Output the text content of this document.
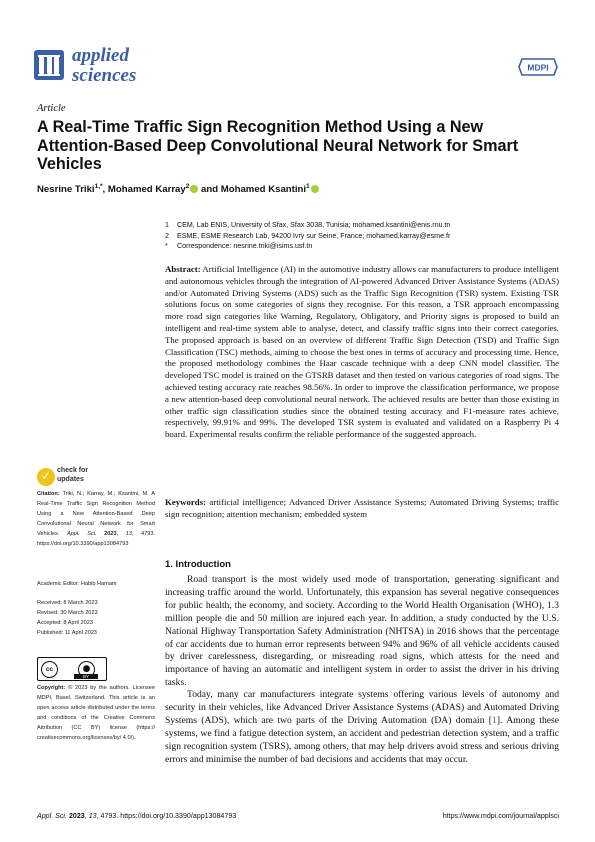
applied
sciences	MDPI
Article
A Real-Time Traffic Sign Recognition Method Using a New Attention-Based Deep Convolutional Neural Network for Smart Vehicles
Nesrine Triki$^{1,*}$, Mohamed Karray$^2$ and Mohamed Ksantini$^1$
1	CEM, Lab ENIS, University of Sfax, Sfax 3038, Tunisia; mohamed.ksantini@enis.rnu.tn
2	ESME, ESME Research Lab, 94200 Ivry sur Seine, France; mohamed.karray@esme.fr
*	Correspondence: nesrine.triki@isims.usf.tn
Abstract: Artificial Intelligence (AI) in the automotive industry allows car manufacturers to produce intelligent and autonomous vehicles through the integration of AI-powered Advanced Driver Assistance Systems (ADAS) and/or Automated Driving Systems (ADS) such as the Traffic Sign Recognition (TSR) system. Existing TSR solutions focus on some categories of signs they recognise. For this reason, a TSR approach encompassing more road sign categories like Warning, Regulatory, Obligatory, and Priority signs is proposed to build an intelligent and real-time system able to analyse, detect, and classify traffic signs into their correct categories. The proposed approach is based on an overview of different Traffic Sign Detection (TSD) and Traffic Sign Classification (TSC) methods, aiming to choose the best ones in terms of accuracy and processing time. Hence, the proposed methodology combines the Haar cascade technique with a deep CNN model classifier. The developed TSC model is trained on the GTSRB dataset and then tested on various categories of road signs. The achieved testing accuracy rate reaches 98.56%. In order to improve the classification performance, we propose a new attention-based deep convolutional neural network. The achieved results are better than those existing in other traffic sign classification studies since the obtained testing accuracy and F1-measure rates achieve, respectively, 99.91% and 99%. The developed TSR system is evaluated and validated on a Raspberry Pi 4 board. Experimental results confirm the reliable performance of the suggested approach.
Keywords: artificial intelligence; Advanced Driver Assistance Systems; Automated Driving Systems; traffic sign recognition; attention mechanism; embedded system
✓ check for
updates
Citation: Triki, N.; Karray, M.; Ksantini, M. A Real-Time Traffic Sign Recognition Method Using a New Attention-Based Deep Convolutional Neural Network for Smart Vehicles. Appl. Sci. 2023, 13, 4793. https://doi.org/10.3390/app13084793
Academic Editor: Habib Hamam
Received: 8 March 2023
Revised: 30 March 2023
Accepted: 8 April 2023
Published: 11 April 2023
cc	●
BY
Copyright: © 2023 by the authors. Licensee MDPI, Basel, Switzerland. This article is an open access article distributed under the terms and conditions of the Creative Commons Attribution (CC BY) license (https:// creativecommons.org/licenses/by/ 4.0/).
1. Introduction
Road transport is the most widely used mode of transportation, generating significant and increasing traffic around the world. Unfortunately, this expansion has several negative consequences for public health, the economy, and society. According to the World Health Organisation (WHO), 1.3 million people die and 50 million are injured each year. In addition, a study conducted by the U.S. National Highway Transportation Safety Administration (NHTSA) in 2016 shows that the percentage of car accidents due to human error represents between 94% and 96% of all vehicle accidents caused by driver carelessness, disregarding, or misreading road signs, which attests for the need and importance of having an automatic and intelligent system in order to assist the driver in his driving tasks.
Today, many car manufacturers integrate systems offering various levels of autonomy and security in their vehicles, like Advanced Driver Assistance Systems (ADAS) and Automated Driving Systems (ADS), which are two parts of the Driving Automation (DA) domain [1]. Among these systems, we find a fatigue detection system, an accident and pedestrian detection system, and a traffic sign recognition system (TSRS), among others, that may help drivers avoid stress and serious driving errors and minimise the number of bad decisions and accidents that may occur.
Appl. Sci. 2023, 13, 4793. https://doi.org/10.3390/app13084793	https://www.mdpi.com/journal/applsci
